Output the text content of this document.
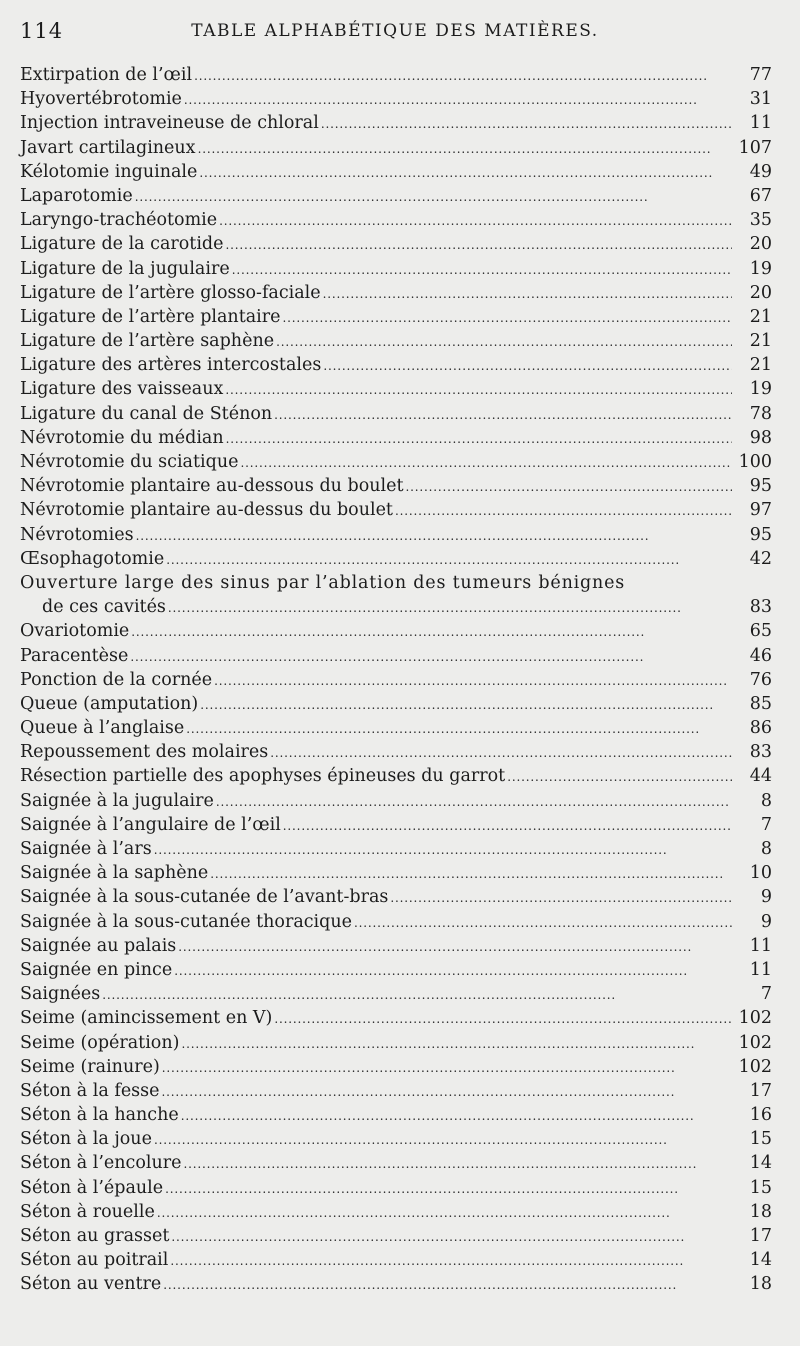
114	TABLE ALPHABÉTIQUE DES MATIÈRES.
Extirpation de l’œil . . .	77
Hyovertébrotomie . . .	31
Injection intraveineuse de chloral . . .	11
Javart cartilagineux . . .	107
Kélotomie inguinale . . .	49
Laparotomie . . .	67
Laryngo-trachéotomie . . .	35
Ligature de la carotide . . .	20
Ligature de la jugulaire . . .	19
Ligature de l’artère glosso-faciale . . .	20
Ligature de l’artère plantaire . . .	21
Ligature de l’artère saphène . . .	21
Ligature des artères intercostales . . .	21
Ligature des vaisseaux . . .	19
Ligature du canal de Sténon . . .	78
Névrotomie du médian . . .	98
Névrotomie du sciatique . . .	100
Névrotomie plantaire au-dessous du boulet . . .	95
Névrotomie plantaire au-dessus du boulet . . .	97
Névrotomies . . .	95
Œsophagotomie . . .	42
Ouverture large des sinus par l’ablation des tumeurs bénignes
de ces cavités . . .	83
Ovariotomie . . .	65
Paracentèse . . .	46
Ponction de la cornée . . .	76
Queue (amputation) . . .	85
Queue à l’anglaise . . .	86
Repoussement des molaires . . .	83
Résection partielle des apophyses épineuses du garrot . . .	44
Saignée à la jugulaire . . .	8
Saignée à l’angulaire de l’œil . . .	7
Saignée à l’ars . . .	8
Saignée à la saphène . . .	10
Saignée à la sous-cutanée de l’avant-bras . . .	9
Saignée à la sous-cutanée thoracique . . .	9
Saignée au palais . . .	11
Saignée en pince . . .	11
Saignées . . .	7
Seime (amincissement en V) . . .	102
Seime (opération) . . .	102
Seime (rainure) . . .	102
Séton à la fesse . . .	17
Séton à la hanche . . .	16
Séton à la joue . . .	15
Séton à l’encolure . . .	14
Séton à l’épaule . . .	15
Séton à rouelle . . .	18
Séton au grasset . . .	17
Séton au poitrail . . .	14
Séton au ventre . . .	18
